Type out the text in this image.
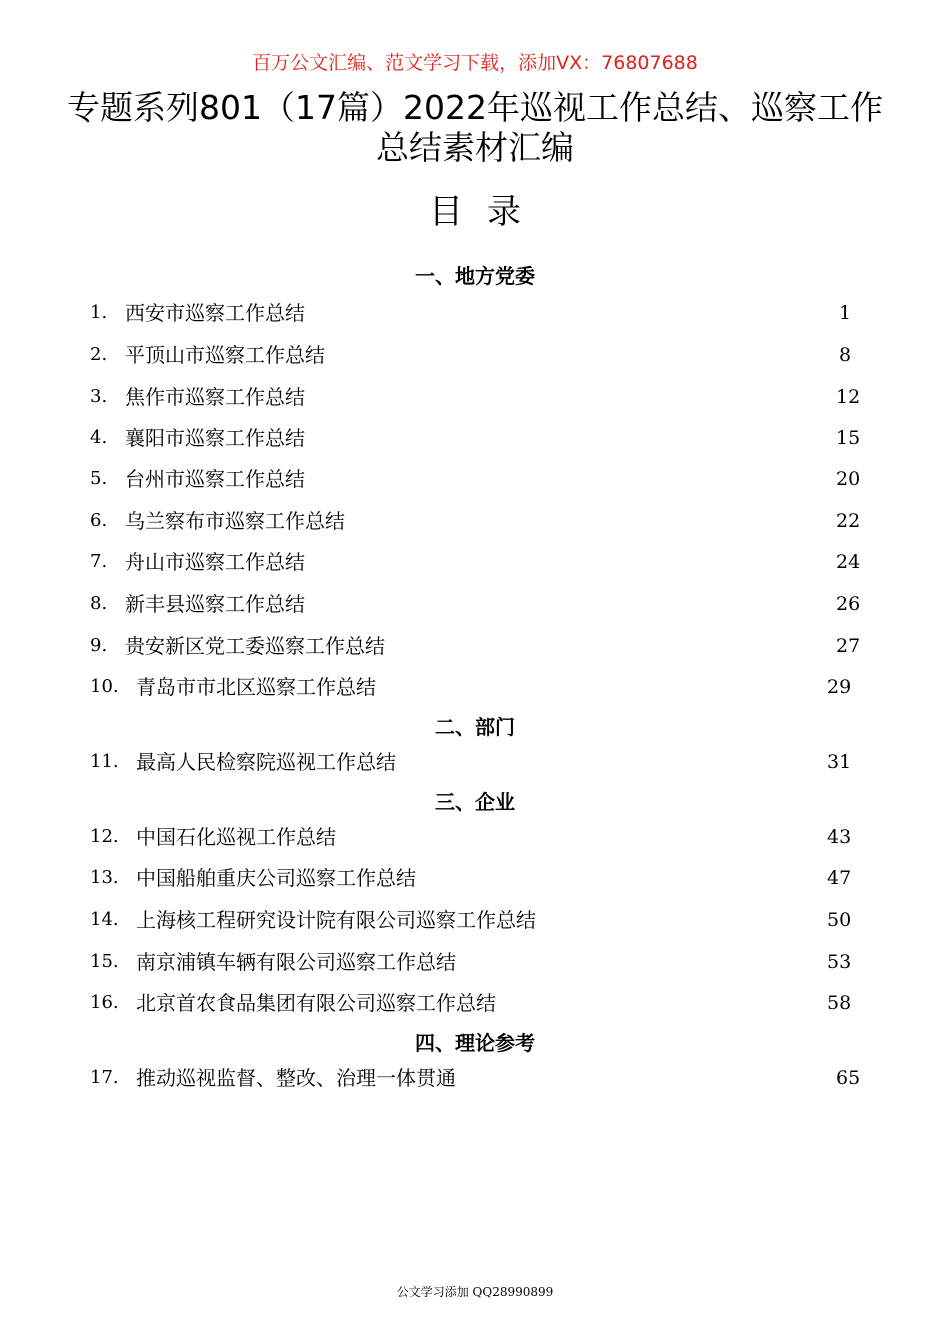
百万公文汇编、范文学习下载，添加VX：76807688
专题系列801（17篇）2022年巡视工作总结、巡察工作总结素材汇编
目录
一、地方党委
1. 西安市巡察工作总结	1
2. 平顶山市巡察工作总结	8
3. 焦作市巡察工作总结	12
4. 襄阳市巡察工作总结	15
5. 台州市巡察工作总结	20
6. 乌兰察布市巡察工作总结	22
7. 舟山市巡察工作总结	24
8. 新丰县巡察工作总结	26
9. 贵安新区党工委巡察工作总结	27
10. 青岛市市北区巡察工作总结	29
二、部门
11. 最高人民检察院巡视工作总结	31
三、企业
12. 中国石化巡视工作总结	43
13. 中国船舶重庆公司巡察工作总结	47
14. 上海核工程研究设计院有限公司巡察工作总结	50
15. 南京浦镇车辆有限公司巡察工作总结	53
16. 北京首农食品集团有限公司巡察工作总结	58
四、理论参考
17. 推动巡视监督、整改、治理一体贯通	65
公文学习添加 QQ28990899
